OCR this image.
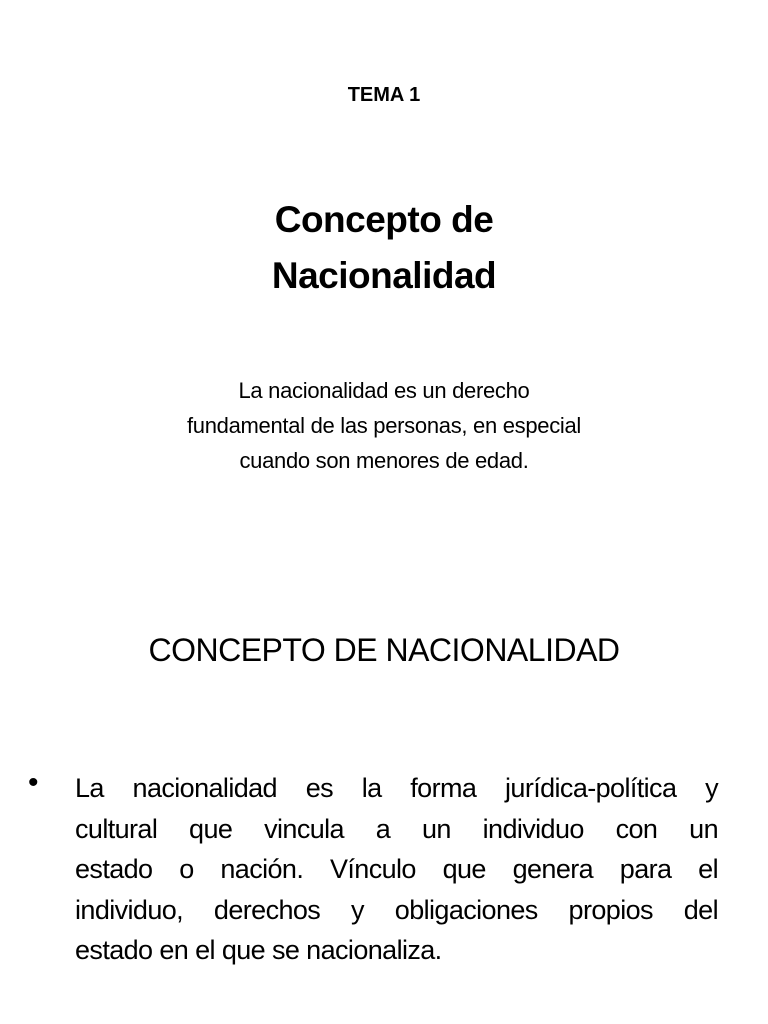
TEMA 1
Concepto de
Nacionalidad
La nacionalidad es un derecho
fundamental de las personas, en especial
cuando son menores de edad.
CONCEPTO DE NACIONALIDAD
• La nacionalidad es la forma jurídica-política y
cultural que vincula a un individuo con un
estado o nación. Vínculo que genera para el
individuo, derechos y obligaciones propios del
estado en el que se nacionaliza.
